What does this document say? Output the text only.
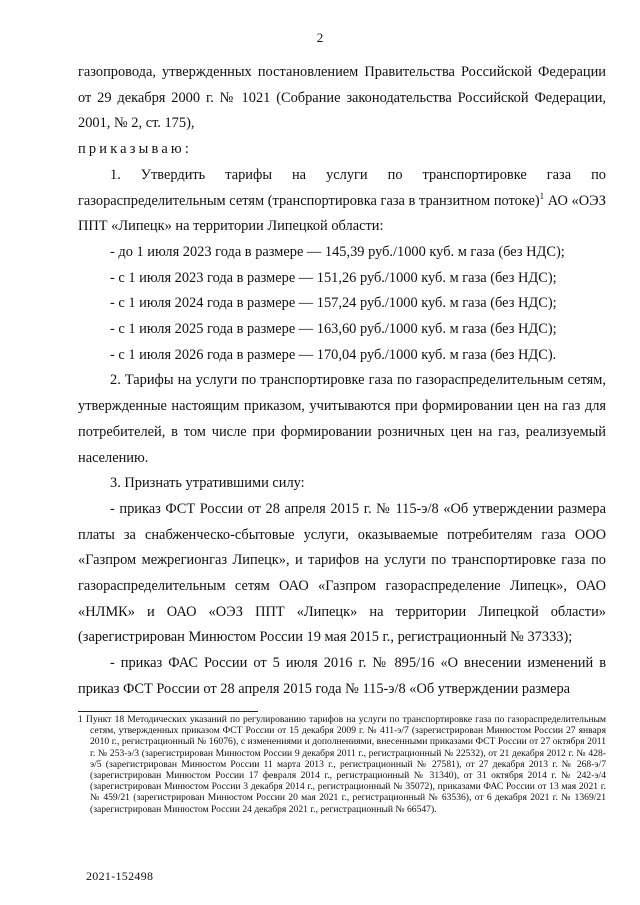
2

газопровода, утвержденных постановлением Правительства Российской Федерации от 29 декабря 2000 г. № 1021 (Собрание законодательства Российской Федерации, 2001, № 2, ст. 175),

приказываю:

1. Утвердить тарифы на услуги по транспортировке газа по газораспределительным сетям (транспортировка газа в транзитном потоке)$^1$ АО «ОЭЗ ППТ «Липецк» на территории Липецкой области:

- до 1 июля 2023 года в размере — 145,39 руб./1000 куб. м газа (без НДС);

- с 1 июля 2023 года в размере — 151,26 руб./1000 куб. м газа (без НДС);

- с 1 июля 2024 года в размере — 157,24 руб./1000 куб. м газа (без НДС);

- с 1 июля 2025 года в размере — 163,60 руб./1000 куб. м газа (без НДС);

- с 1 июля 2026 года в размере — 170,04 руб./1000 куб. м газа (без НДС).

2. Тарифы на услуги по транспортировке газа по газораспределительным сетям, утвержденные настоящим приказом, учитываются при формировании цен на газ для потребителей, в том числе при формировании розничных цен на газ, реализуемый населению.

3. Признать утратившими силу:

- приказ ФСТ России от 28 апреля 2015 г. № 115-э/8 «Об утверждении размера платы за снабженческо-сбытовые услуги, оказываемые потребителям газа ООО «Газпром межрегионгаз Липецк», и тарифов на услуги по транспортировке газа по газораспределительным сетям ОАО «Газпром газораспределение Липецк», ОАО «НЛМК» и ОАО «ОЭЗ ППТ «Липецк» на территории Липецкой области» (зарегистрирован Минюстом России 19 мая 2015 г., регистрационный № 37333);

- приказ ФАС России от 5 июля 2016 г. № 895/16 «О внесении изменений в приказ ФСТ России от 28 апреля 2015 года № 115-э/8 «Об утверждении размера

1 Пункт 18 Методических указаний по регулированию тарифов на услуги по транспортировке газа по газораспределительным сетям, утвержденных приказом ФСТ России от 15 декабря 2009 г. № 411-э/7 (зарегистрирован Минюстом России 27 января 2010 г., регистрационный № 16076), с изменениями и дополнениями, внесенными приказами ФСТ России от 27 октября 2011 г. № 253-э/3 (зарегистрирован Минюстом России 9 декабря 2011 г., регистрационный № 22532), от 21 декабря 2012 г. № 428-э/5 (зарегистрирован Минюстом России 11 марта 2013 г., регистрационный № 27581), от 27 декабря 2013 г. № 268-э/7 (зарегистрирован Минюстом России 17 февраля 2014 г., регистрационный № 31340), от 31 октября 2014 г. № 242-э/4 (зарегистрирован Минюстом России 3 декабря 2014 г., регистрационный № 35072), приказами ФАС России от 13 мая 2021 г. № 459/21 (зарегистрирован Минюстом России 20 мая 2021 г., регистрационный № 63536), от 6 декабря 2021 г. № 1369/21 (зарегистрирован Минюстом России 24 декабря 2021 г., регистрационный № 66547).

2021-152498
